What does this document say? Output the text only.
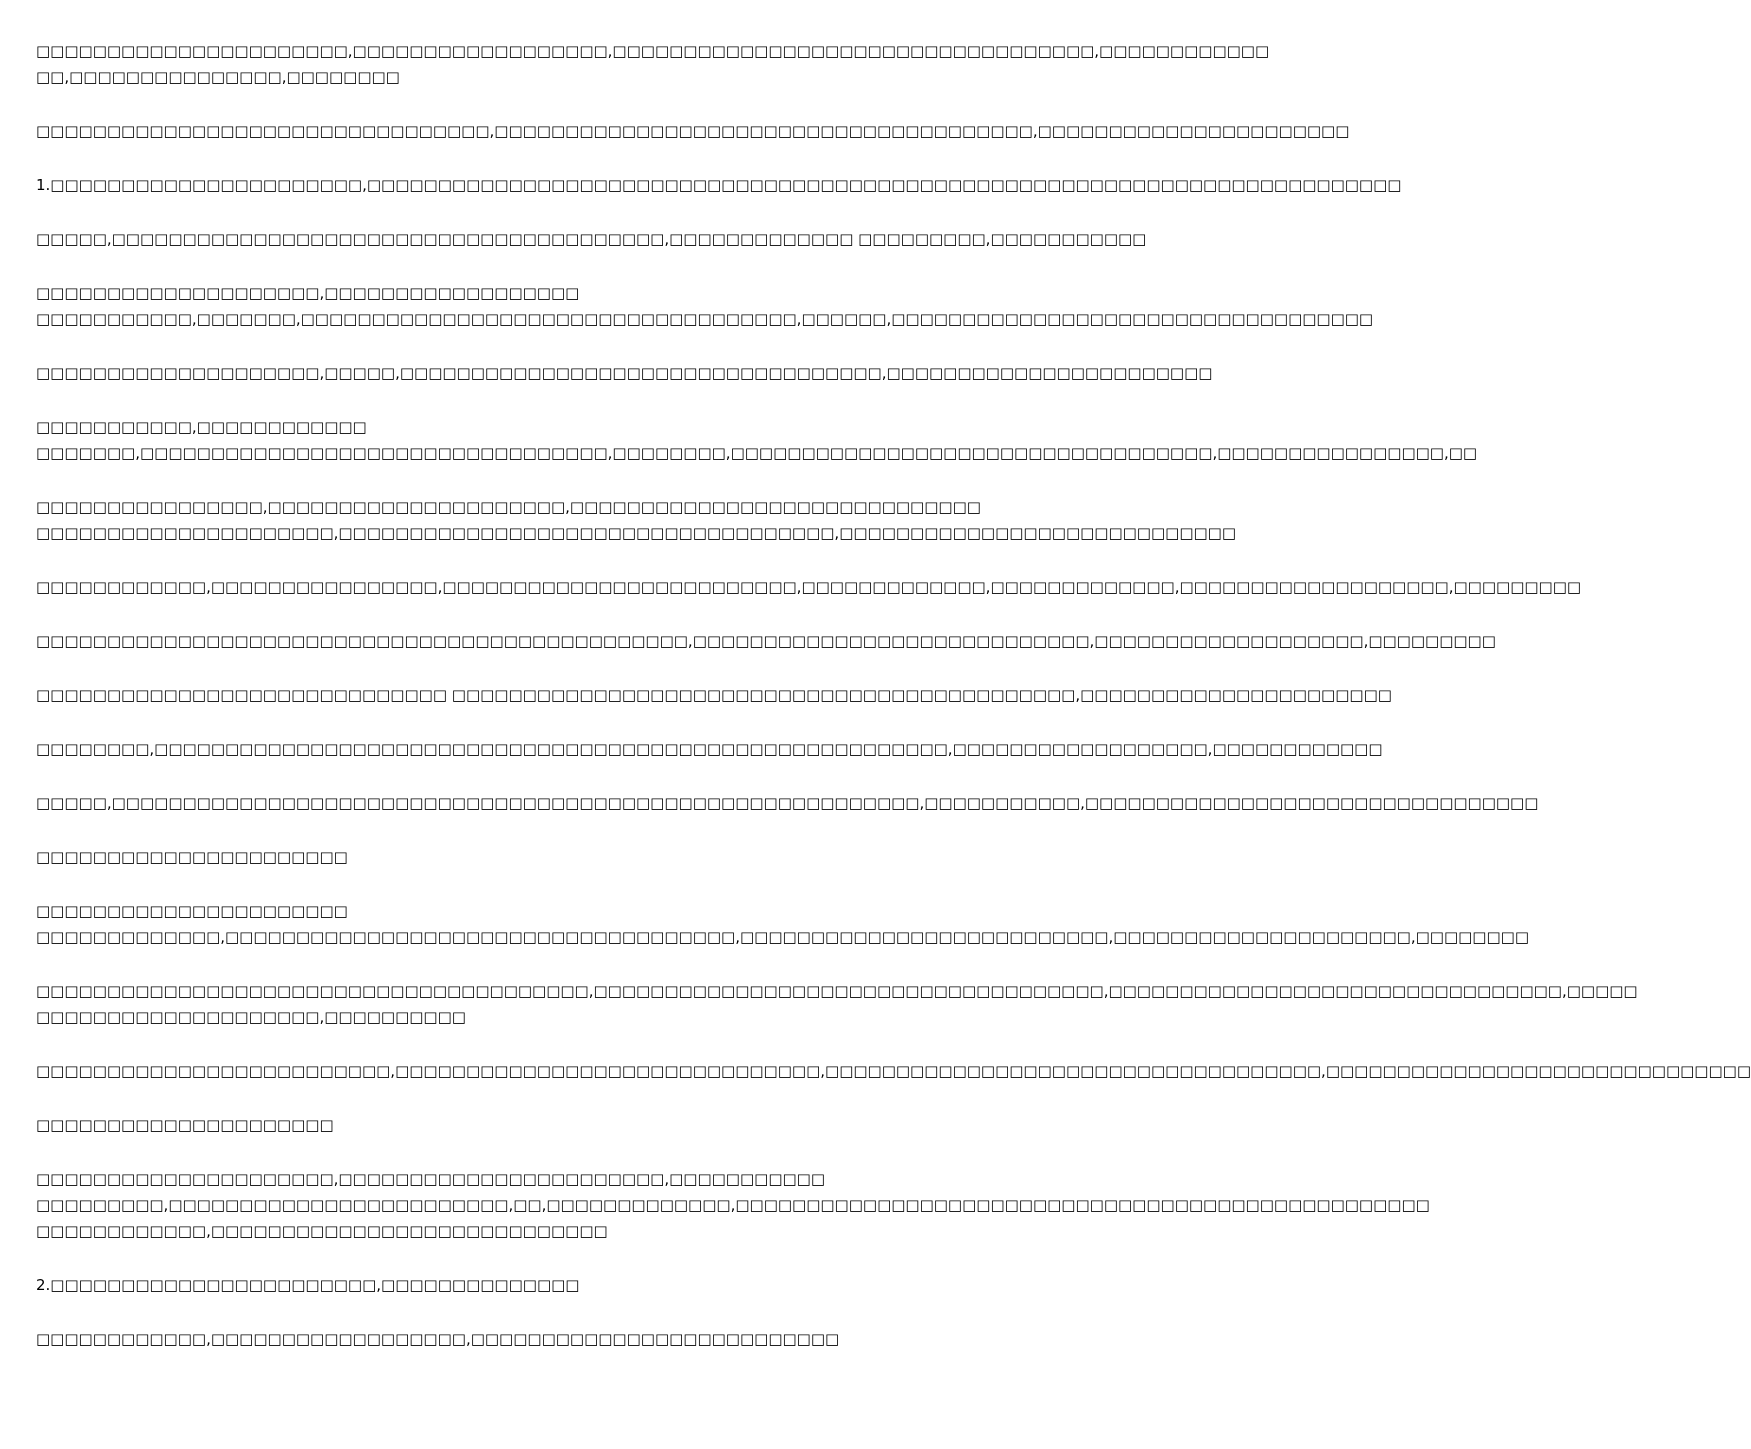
□□□□□□□□□□□□□□□□□□□□□□,□□□□□□□□□□□□□□□□□□,□□□□□□□□□□□□□□□□□□□□□□□□□□□□□□□□□□,□□□□□□□□□□□□
□□,□□□□□□□□□□□□□□□,□□□□□□□□

□□□□□□□□□□□□□□□□□□□□□□□□□□□□□□□□,□□□□□□□□□□□□□□□□□□□□□□□□□□□□□□□□□□□□□□,□□□□□□□□□□□□□□□□□□□□□□

1.□□□□□□□□□□□□□□□□□□□□□□,□□□□□□□□□□□□□□□□□□□□□□□□□□□□□□□□□□□□□□□□□□□□□□□□□□□□□□□□□□□□□□□□□□□□□□□□□

□□□□□,□□□□□□□□□□□□□□□□□□□□□□□□□□□□□□□□□□□□□□□,□□□□□□□□□□□□□ □□□□□□□□□,□□□□□□□□□□□

□□□□□□□□□□□□□□□□□□□□,□□□□□□□□□□□□□□□□□□
□□□□□□□□□□□,□□□□□□□,□□□□□□□□□□□□□□□□□□□□□□□□□□□□□□□□□□□,□□□□□□,□□□□□□□□□□□□□□□□□□□□□□□□□□□□□□□□□□

□□□□□□□□□□□□□□□□□□□□,□□□□□,□□□□□□□□□□□□□□□□□□□□□□□□□□□□□□□□□□,□□□□□□□□□□□□□□□□□□□□□□□

□□□□□□□□□□□,□□□□□□□□□□□□
□□□□□□□,□□□□□□□□□□□□□□□□□□□□□□□□□□□□□□□□□,□□□□□□□□,□□□□□□□□□□□□□□□□□□□□□□□□□□□□□□□□□□,□□□□□□□□□□□□□□□□,□□

□□□□□□□□□□□□□□□□,□□□□□□□□□□□□□□□□□□□□□,□□□□□□□□□□□□□□□□□□□□□□□□□□□□□
□□□□□□□□□□□□□□□□□□□□□,□□□□□□□□□□□□□□□□□□□□□□□□□□□□□□□□□□□,□□□□□□□□□□□□□□□□□□□□□□□□□□□□

□□□□□□□□□□□□,□□□□□□□□□□□□□□□□,□□□□□□□□□□□□□□□□□□□□□□□□□,□□□□□□□□□□□□□,□□□□□□□□□□□□□,□□□□□□□□□□□□□□□□□□□,□□□□□□□□□

□□□□□□□□□□□□□□□□□□□□□□□□□□□□□□□□□□□□□□□□□□□□□□,□□□□□□□□□□□□□□□□□□□□□□□□□□□□,□□□□□□□□□□□□□□□□□□□,□□□□□□□□□

□□□□□□□□□□□□□□□□□□□□□□□□□□□□□ □□□□□□□□□□□□□□□□□□□□□□□□□□□□□□□□□□□□□□□□□□□□,□□□□□□□□□□□□□□□□□□□□□□

□□□□□□□□,□□□□□□□□□□□□□□□□□□□□□□□□□□□□□□□□□□□□□□□□□□□□□□□□□□□□□□□□,□□□□□□□□□□□□□□□□□□,□□□□□□□□□□□□

□□□□□,□□□□□□□□□□□□□□□□□□□□□□□□□□□□□□□□□□□□□□□□□□□□□□□□□□□□□□□□□,□□□□□□□□□□□,□□□□□□□□□□□□□□□□□□□□□□□□□□□□□□□□

□□□□□□□□□□□□□□□□□□□□□□

□□□□□□□□□□□□□□□□□□□□□□
□□□□□□□□□□□□□,□□□□□□□□□□□□□□□□□□□□□□□□□□□□□□□□□□□□,□□□□□□□□□□□□□□□□□□□□□□□□□□,□□□□□□□□□□□□□□□□□□□□□,□□□□□□□□

□□□□□□□□□□□□□□□□□□□□□□□□□□□□□□□□□□□□□□□,□□□□□□□□□□□□□□□□□□□□□□□□□□□□□□□□□□□□,□□□□□□□□□□□□□□□□□□□□□□□□□□□□□□□□,□□□□□
□□□□□□□□□□□□□□□□□□□□,□□□□□□□□□□

□□□□□□□□□□□□□□□□□□□□□□□□□,□□□□□□□□□□□□□□□□□□□□□□□□□□□□□□,□□□□□□□□□□□□□□□□□□□□□□□□□□□□□□□□□□□,□□□□□□□□□□□□□□□□□□□□□□□□□□□□□□

□□□□□□□□□□□□□□□□□□□□□

□□□□□□□□□□□□□□□□□□□□□,□□□□□□□□□□□□□□□□□□□□□□□,□□□□□□□□□□□
□□□□□□□□□,□□□□□□□□□□□□□□□□□□□□□□□□,□□,□□□□□□□□□□□□□,□□□□□□□□□□□□□□□□□□□□□□□□□□□□□□□□□□□□□□□□□□□□□□□□□
□□□□□□□□□□□□,□□□□□□□□□□□□□□□□□□□□□□□□□□□□

2.□□□□□□□□□□□□□□□□□□□□□□□,□□□□□□□□□□□□□□

□□□□□□□□□□□□,□□□□□□□□□□□□□□□□□□,□□□□□□□□□□□□□□□□□□□□□□□□□□
